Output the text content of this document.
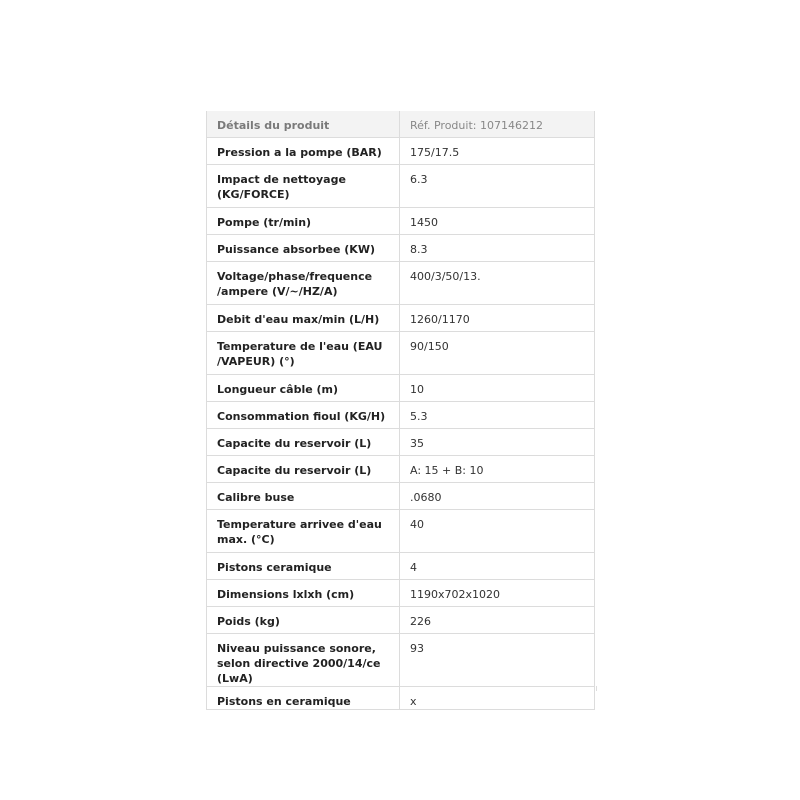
Détails du produit	Réf. Produit: 107146212
Pression a la pompe (BAR)	175/17.5
Impact de nettoyage (KG/FORCE)	6.3
Pompe (tr/min)	1450
Puissance absorbee (KW)	8.3
Voltage/phase/frequence /ampere (V/~/HZ/A)	400/3/50/13.
Debit d'eau max/min (L/H)	1260/1170
Temperature de l'eau (EAU /VAPEUR) (°)	90/150
Longueur câble (m)	10
Consommation fioul (KG/H)	5.3
Capacite du reservoir (L)	35
Capacite du reservoir (L)	A: 15 + B: 10
Calibre buse	.0680
Temperature arrivee d'eau max. (°C)	40
Pistons ceramique	4
Dimensions lxlxh (cm)	1190x702x1020
Poids (kg)	226
Niveau puissance sonore, selon directive 2000/14/ce (LwA)	93
Pistons en ceramique	x
